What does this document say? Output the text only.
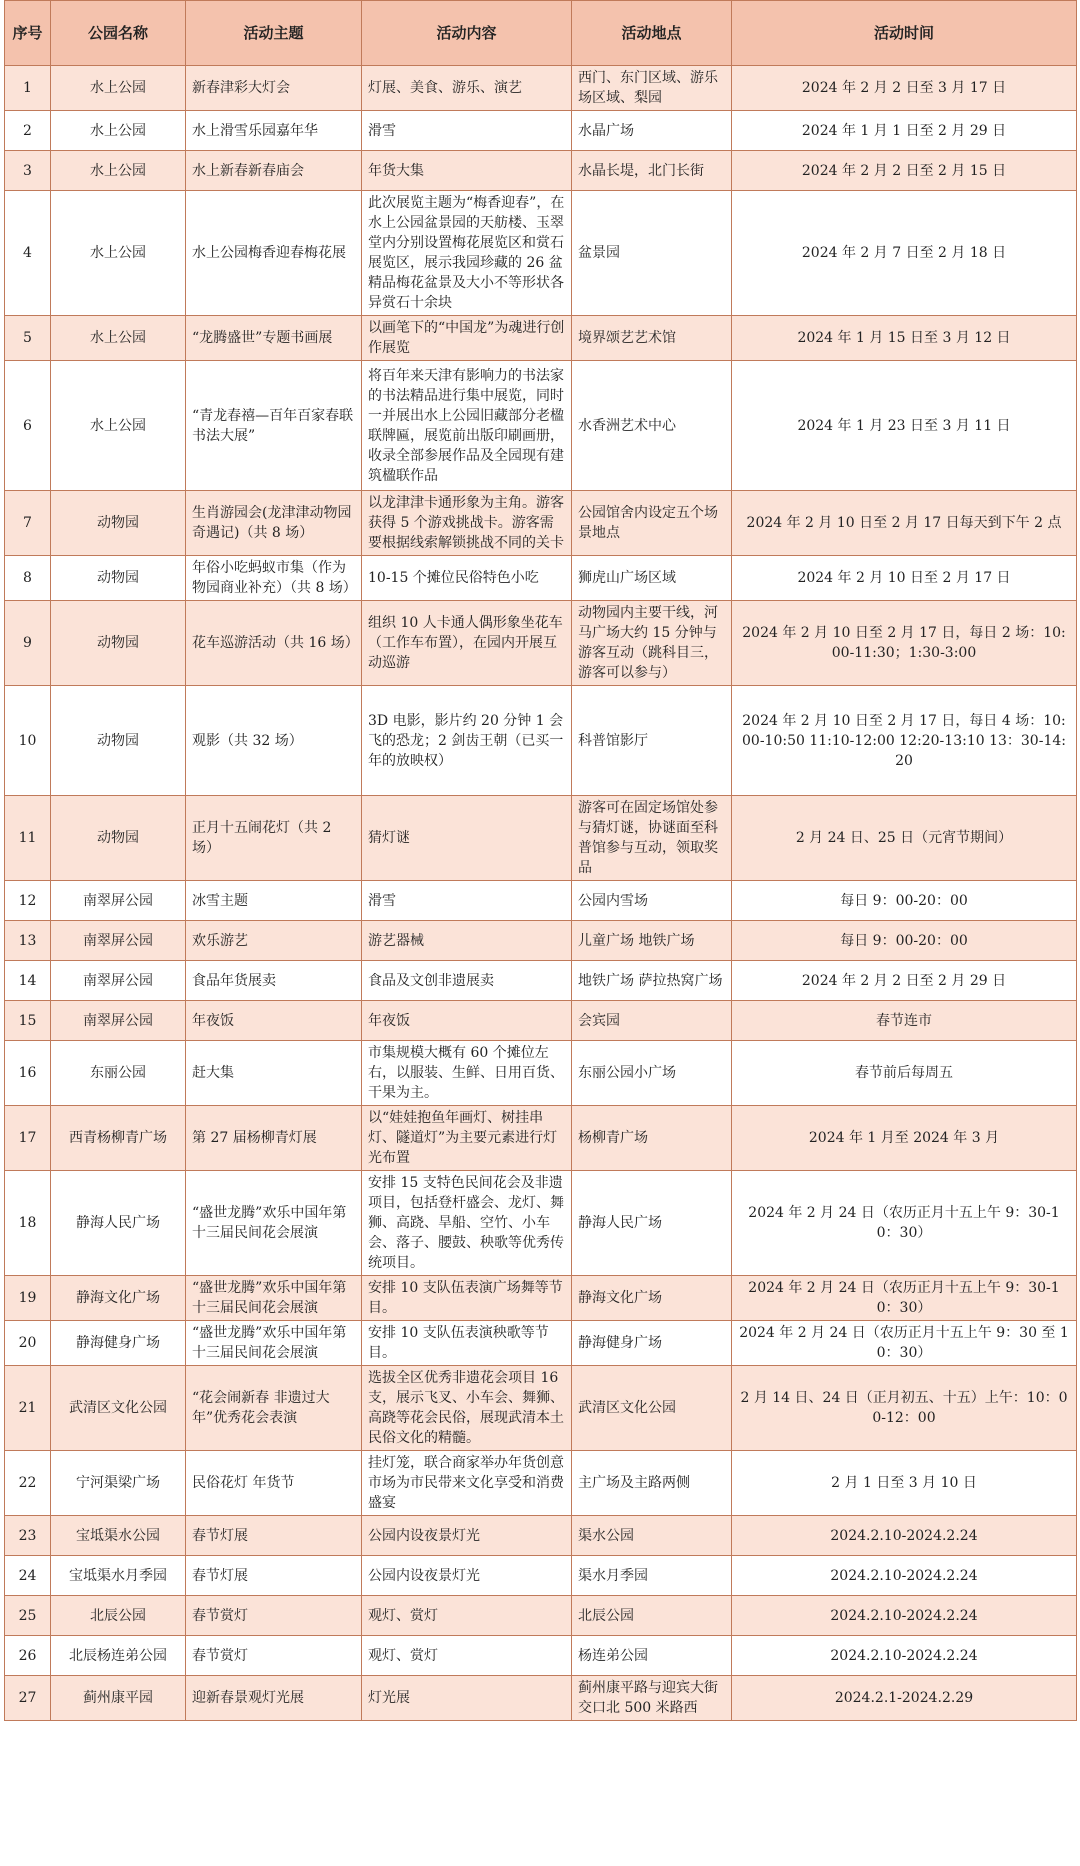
序号	公园名称	活动主题	活动内容	活动地点	活动时间
1	水上公园	新春津彩大灯会	灯展、美食、游乐、演艺	西门、东门区域、游乐场区域、梨园	2024 年 2 月 2 日至 3 月 17 日
2	水上公园	水上滑雪乐园嘉年华	滑雪	水晶广场	2024 年 1 月 1 日至 2 月 29 日
3	水上公园	水上新春新春庙会	年货大集	水晶长堤，北门长街	2024 年 2 月 2 日至 2 月 15 日
4	水上公园	水上公园梅香迎春梅花展	此次展览主题为“梅香迎春”，在水上公园盆景园的天舫楼、玉翠堂内分别设置梅花展览区和赏石展览区，展示我园珍藏的 26 盆精品梅花盆景及大小不等形状各异赏石十余块	盆景园	2024 年 2 月 7 日至 2 月 18 日
5	水上公园	“龙腾盛世”专题书画展	以画笔下的“中国龙”为魂进行创作展览	境界颂艺艺术馆	2024 年 1 月 15 日至 3 月 12 日
6	水上公园	“青龙春禧—百年百家春联书法大展”	将百年来天津有影响力的书法家的书法精品进行集中展览，同时一并展出水上公园旧藏部分老楹联牌匾，展览前出版印刷画册，收录全部参展作品及全园现有建筑楹联作品	水香洲艺术中心	2024 年 1 月 23 日至 3 月 11 日
7	动物园	生肖游园会(龙津津动物园奇遇记)（共 8 场）	以龙津津卡通形象为主角。游客获得 5 个游戏挑战卡。游客需要根据线索解锁挑战不同的关卡	公园馆舍内设定五个场景地点	2024 年 2 月 10 日至 2 月 17 日每天到下午 2 点
8	动物园	年俗小吃蚂蚁市集（作为物园商业补充）（共 8 场）	10-15 个摊位民俗特色小吃	狮虎山广场区域	2024 年 2 月 10 日至 2 月 17 日
9	动物园	花车巡游活动（共 16 场）	组织 10 人卡通人偶形象坐花车（工作车布置），在园内开展互动巡游	动物园内主要干线，河马广场大约 15 分钟与游客互动（跳科目三，游客可以参与）	2024 年 2 月 10 日至 2 月 17 日，每日 2 场：10:00-11:30；1:30-3:00
10	动物园	观影（共 32 场）	3D 电影，影片约 20 分钟 1 会飞的恐龙；2 剑齿王朝（已买一年的放映权）	科普馆影厅	2024 年 2 月 10 日至 2 月 17 日，每日 4 场：10:00-10:50 11:10-12:00 12:20-13:10 13：30-14:20
11	动物园	正月十五闹花灯（共 2 场）	猜灯谜	游客可在固定场馆处参与猜灯谜，协谜面至科普馆参与互动，领取奖品	2 月 24 日、25 日（元宵节期间）
12	南翠屏公园	冰雪主题	滑雪	公园内雪场	每日 9：00-20：00
13	南翠屏公园	欢乐游艺	游艺器械	儿童广场 地铁广场	每日 9：00-20：00
14	南翠屏公园	食品年货展卖	食品及文创非遗展卖	地铁广场 萨拉热窝广场	2024 年 2 月 2 日至 2 月 29 日
15	南翠屏公园	年夜饭	年夜饭	会宾园	春节连市
16	东丽公园	赶大集	市集规模大概有 60 个摊位左右，以服装、生鲜、日用百货、干果为主。	东丽公园小广场	春节前后每周五
17	西青杨柳青广场	第 27 届杨柳青灯展	以“娃娃抱鱼年画灯、树挂串灯、隧道灯”为主要元素进行灯光布置	杨柳青广场	2024 年 1 月至 2024 年 3 月
18	静海人民广场	“盛世龙腾”欢乐中国年第十三届民间花会展演	安排 15 支特色民间花会及非遗项目，包括登杆盛会、龙灯、舞狮、高跷、旱船、空竹、小车会、落子、腰鼓、秧歌等优秀传统项目。	静海人民广场	2024 年 2 月 24 日（农历正月十五上午 9：30-10：30）
19	静海文化广场	“盛世龙腾”欢乐中国年第十三届民间花会展演	安排 10 支队伍表演广场舞等节目。	静海文化广场	2024 年 2 月 24 日（农历正月十五上午 9：30-10：30）
20	静海健身广场	“盛世龙腾”欢乐中国年第十三届民间花会展演	安排 10 支队伍表演秧歌等节目。	静海健身广场	2024 年 2 月 24 日（农历正月十五上午 9：30 至 10：30）
21	武清区文化公园	“花会闹新春 非遗过大年”优秀花会表演	选拔全区优秀非遗花会项目 16 支，展示飞叉、小车会、舞狮、高跷等花会民俗，展现武清本土民俗文化的精髓。	武清区文化公园	2 月 14 日、24 日（正月初五、十五）上午：10：00-12：00
22	宁河渠梁广场	民俗花灯 年货节	挂灯笼，联合商家举办年货创意市场为市民带来文化享受和消费盛宴	主广场及主路两侧	2 月 1 日至 3 月 10 日
23	宝坻渠水公园	春节灯展	公园内设夜景灯光	渠水公园	2024.2.10-2024.2.24
24	宝坻渠水月季园	春节灯展	公园内设夜景灯光	渠水月季园	2024.2.10-2024.2.24
25	北辰公园	春节赏灯	观灯、赏灯	北辰公园	2024.2.10-2024.2.24
26	北辰杨连弟公园	春节赏灯	观灯、赏灯	杨连弟公园	2024.2.10-2024.2.24
27	蓟州康平园	迎新春景观灯光展	灯光展	蓟州康平路与迎宾大街交口北 500 米路西	2024.2.1-2024.2.29
